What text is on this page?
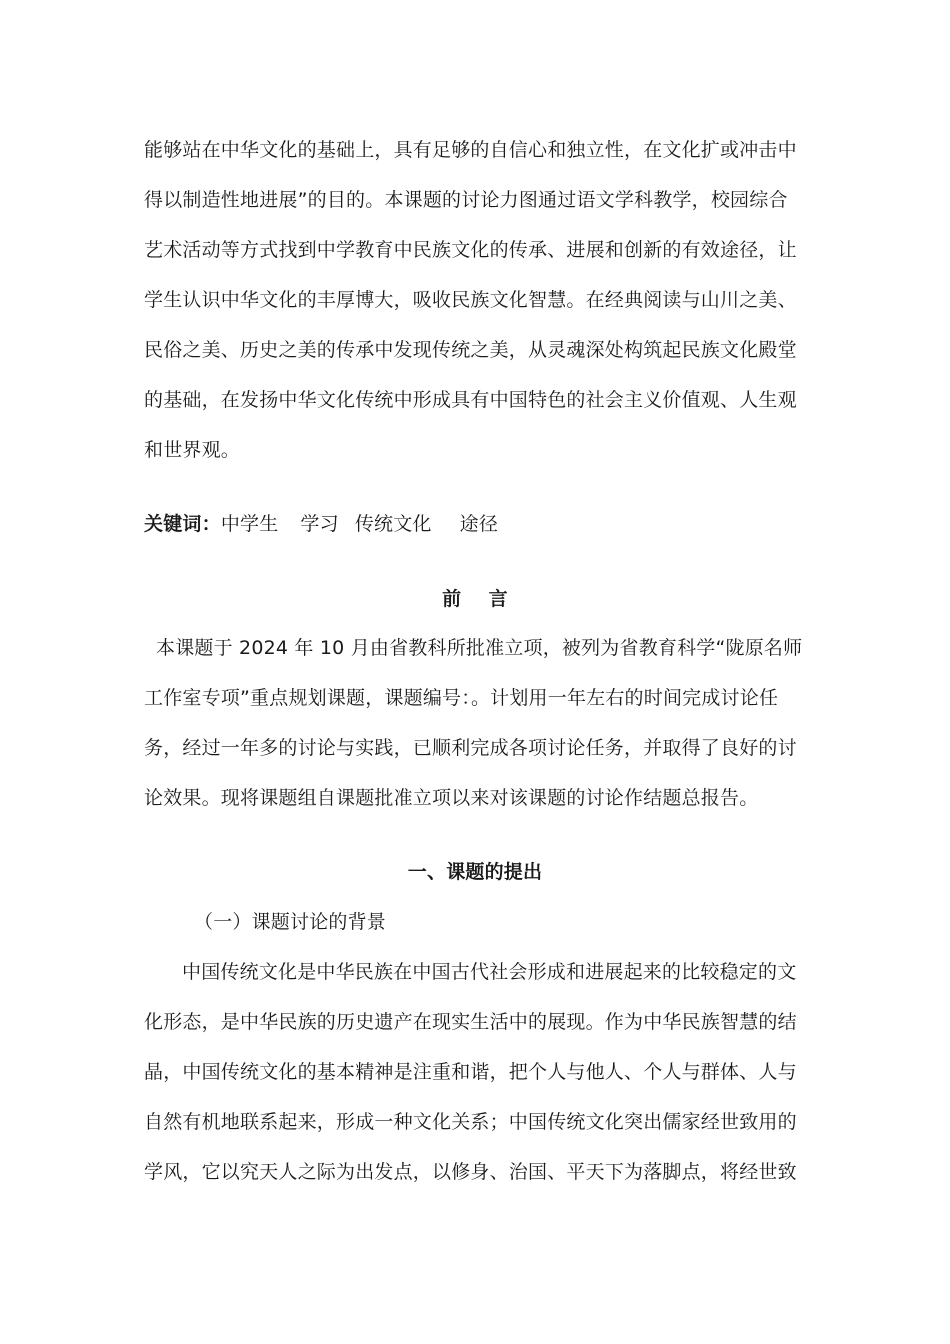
能够站在中华文化的基础上，具有足够的自信心和独立性，在文化扩或冲击中
得以制造性地进展”的目的。本课题的讨论力图通过语文学科教学，校园综合
艺术活动等方式找到中学教育中民族文化的传承、进展和创新的有效途径，让
学生认识中华文化的丰厚博大，吸收民族文化智慧。在经典阅读与山川之美、
民俗之美、历史之美的传承中发现传统之美，从灵魂深处构筑起民族文化殿堂
的基础，在发扬中华文化传统中形成具有中国特色的社会主义价值观、人生观
和世界观。
关键词：中学生 学习 传统文化 途径
前    言
本课题于 2024 年 10 月由省教科所批准立项，被列为省教育科学“陇原名师
工作室专项”重点规划课题，课题编号：。计划用一年左右的时间完成讨论任
务，经过一年多的讨论与实践，已顺利完成各项讨论任务，并取得了良好的讨
论效果。现将课题组自课题批准立项以来对该课题的讨论作结题总报告。
一、课题的提出
（一）课题讨论的背景
中国传统文化是中华民族在中国古代社会形成和进展起来的比较稳定的文
化形态，是中华民族的历史遗产在现实生活中的展现。作为中华民族智慧的结
晶，中国传统文化的基本精神是注重和谐，把个人与他人、个人与群体、人与
自然有机地联系起来，形成一种文化关系；中国传统文化突出儒家经世致用的
学风，它以究天人之际为出发点，以修身、治国、平天下为落脚点，将经世致
